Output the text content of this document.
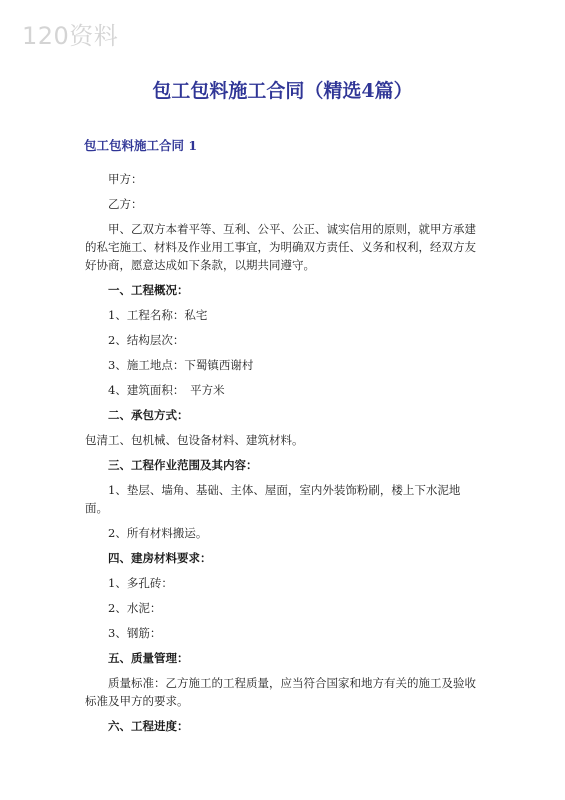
120资料
包工包料施工合同（精选4篇）
包工包料施工合同 1

甲方：

乙方：

甲、乙双方本着平等、互利、公平、公正、诚实信用的原则，就甲方承建的私宅施工、材料及作业用工事宜，为明确双方责任、义务和权利，经双方友好协商，愿意达成如下条款，以期共同遵守。

一、工程概况：

1、工程名称：私宅

2、结构层次：

3、施工地点：下蜀镇西谢村

4、建筑面积：　平方米

二、承包方式：

包清工、包机械、包设备材料、建筑材料。

三、工程作业范围及其内容：

1、垫层、墙角、基础、主体、屋面，室内外装饰粉刷，楼上下水泥地面。

2、所有材料搬运。

四、建房材料要求：

1、多孔砖：

2、水泥：

3、钢筋：

五、质量管理：

质量标准：乙方施工的工程质量，应当符合国家和地方有关的施工及验收标准及甲方的要求。

六、工程进度：
